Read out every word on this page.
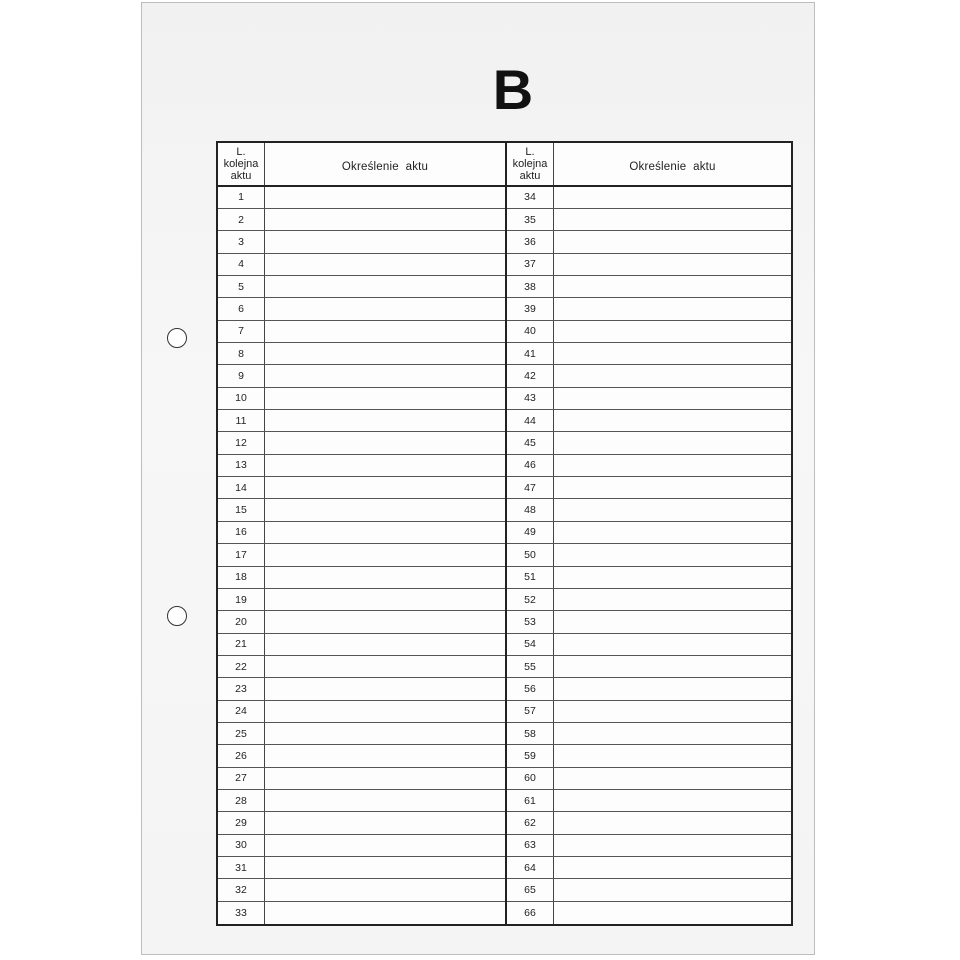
B
L.
kolejna
aktu
Określenie  aktu
1
2
3
4
5
6
7
8
9
10
11
12
13
14
15
16
17
18
19
20
21
22
23
24
25
26
27
28
29
30
31
32
33
L.
kolejna
aktu
Określenie  aktu
34
35
36
37
38
39
40
41
42
43
44
45
46
47
48
49
50
51
52
53
54
55
56
57
58
59
60
61
62
63
64
65
66
